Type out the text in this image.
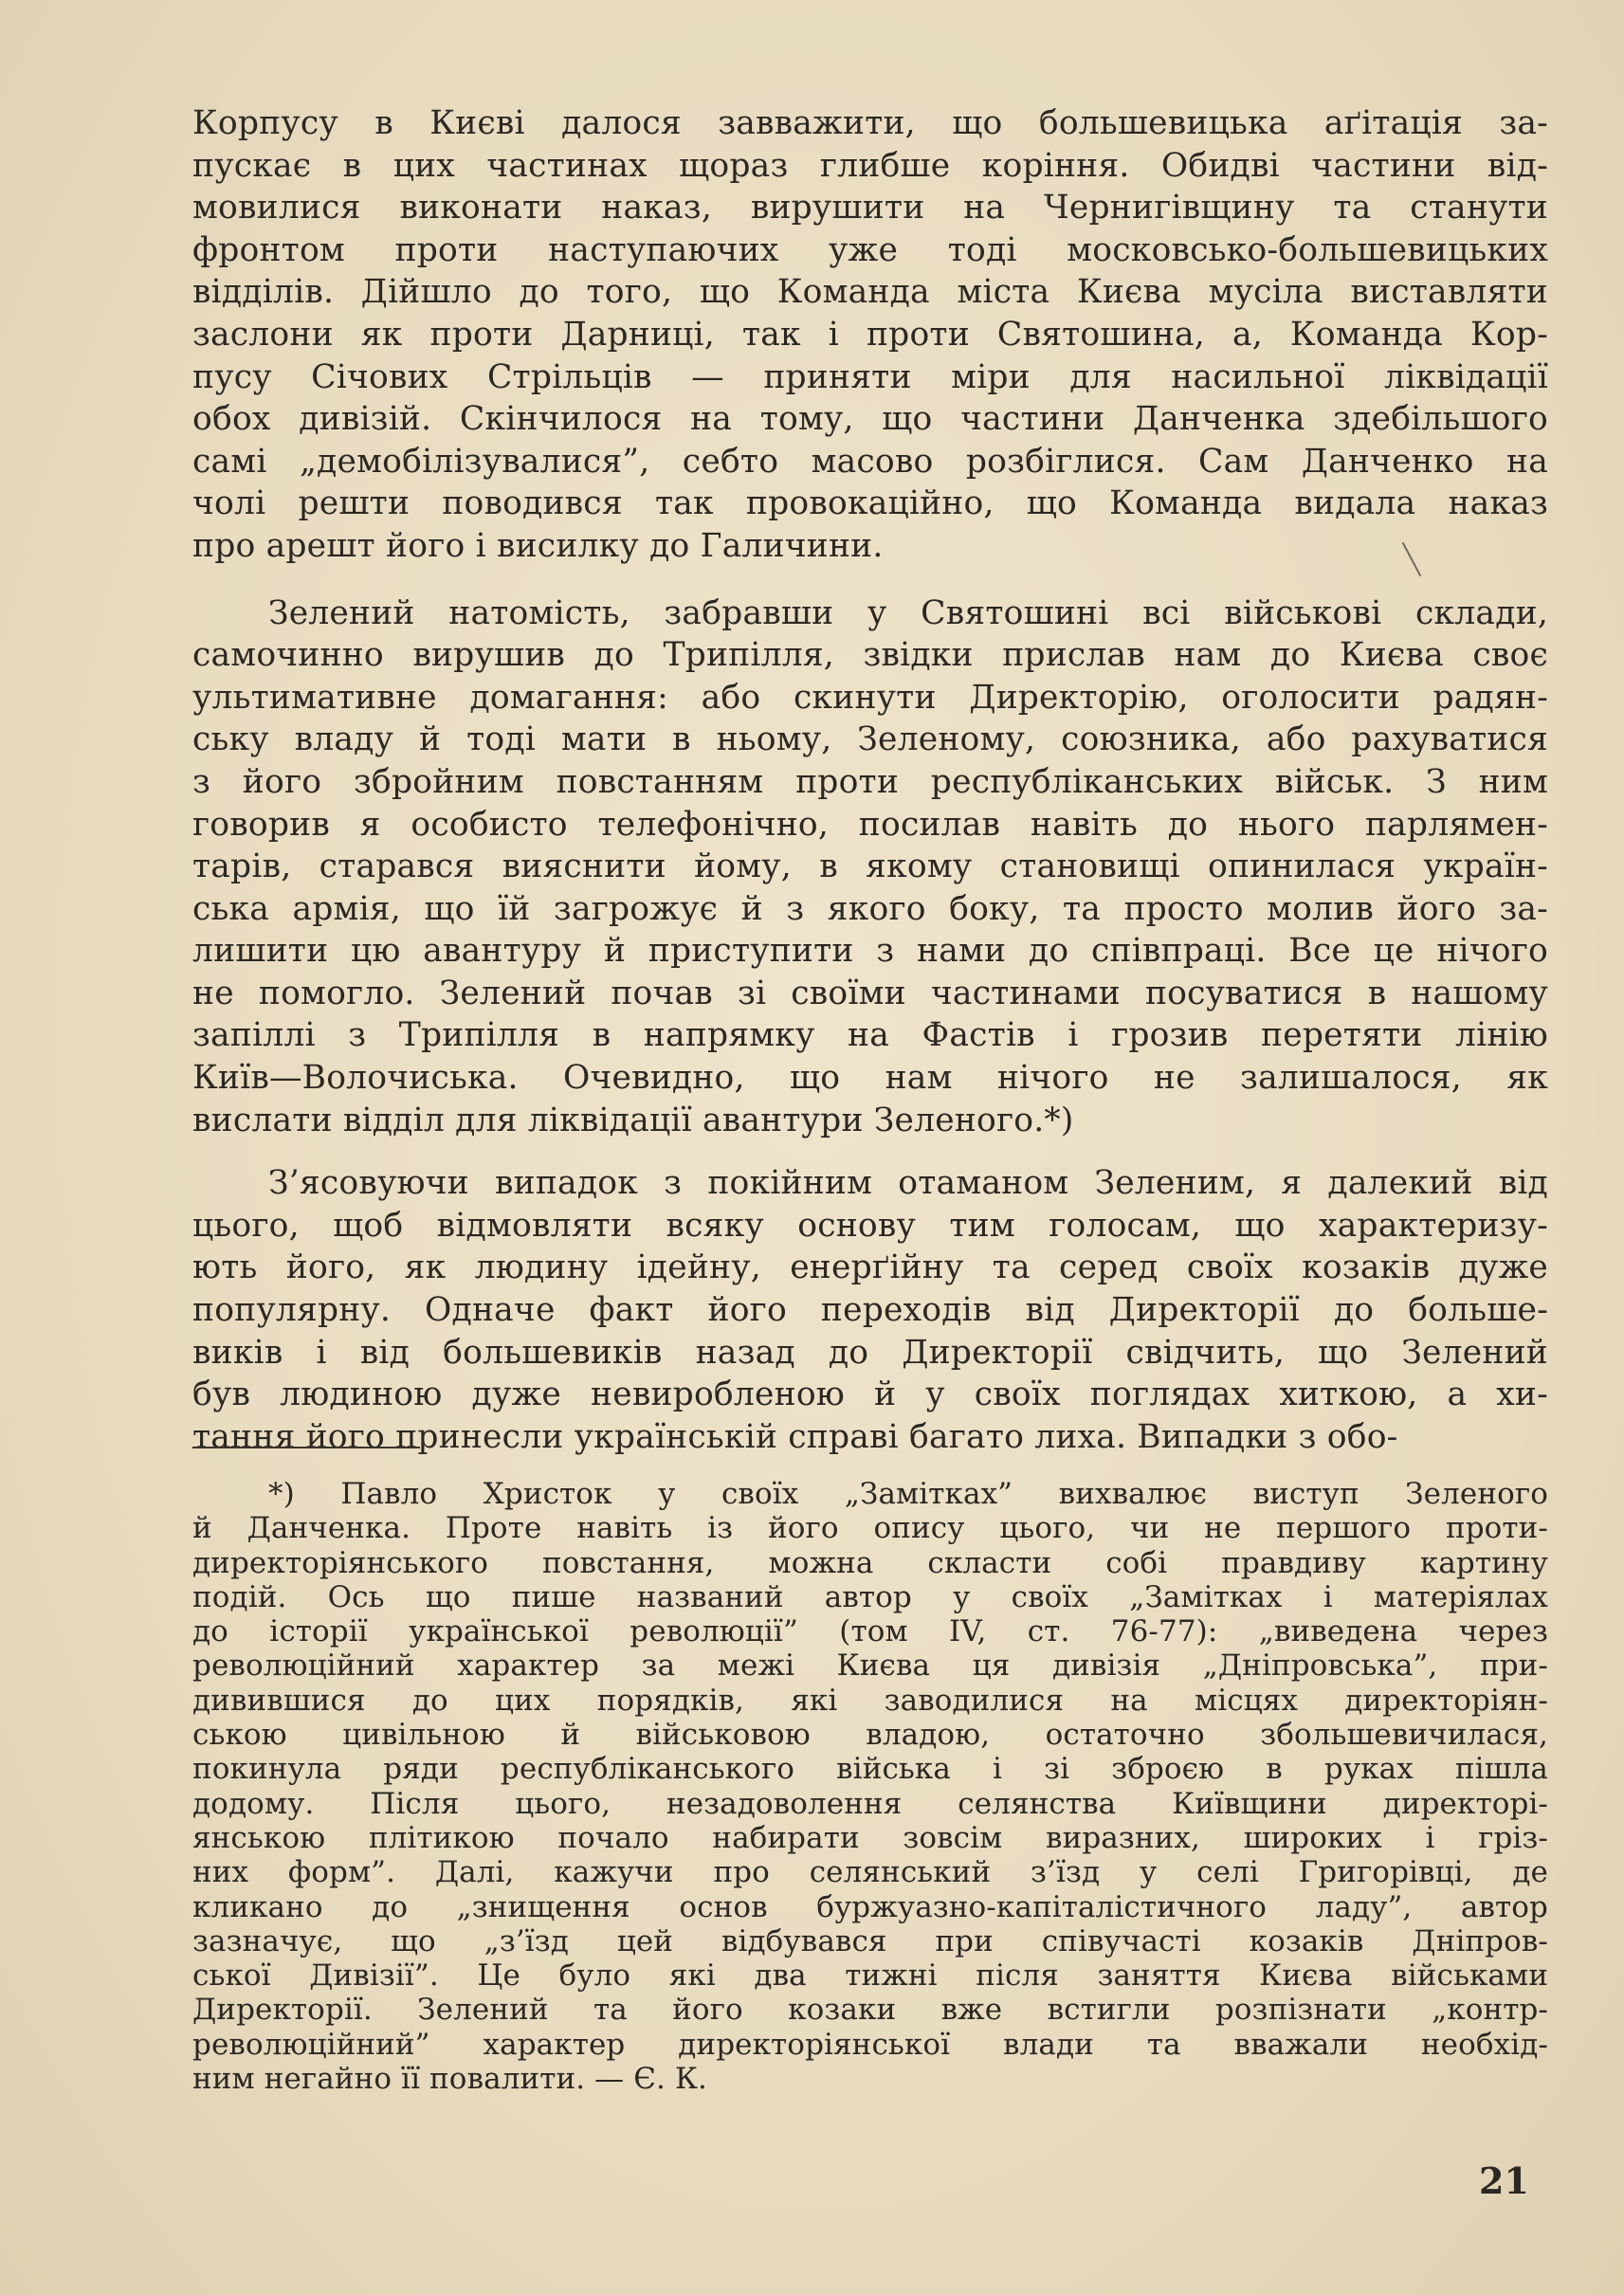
Корпусу в Києві далося завважити, що большевицька аґітація за-
пускає в цих частинах щораз глибше коріння. Обидві частини від-
мовилися виконати наказ, вирушити на Чернигівщину та станути
фронтом проти наступаючих уже тоді московсько-большевицьких
відділів. Дійшло до того, що Команда міста Києва мусіла виставляти
заслони як проти Дарниці, так і проти Святошина, а, Команда Кор-
пусу Січових Стрільців — приняти міри для насильної ліквідації
обох дивізій. Скінчилося на тому, що частини Данченка здебільшого
самі „демобілізувалися”, себто масово розбіглися. Сам Данченко на
чолі решти поводився так провокаційно, що Команда видала наказ
про арешт його і висилку до Галичини.

Зелений натомість, забравши у Святошині всі військові склади,
самочинно вирушив до Трипілля, звідки прислав нам до Києва своє
ультимативне домагання: або скинути Директорію, оголосити радян-
ську владу й тоді мати в ньому, Зеленому, союзника, або рахуватися
з його збройним повстанням проти республіканських військ. З ним
говорив я особисто телефонічно, посилав навіть до нього парлямен-
тарів, старався вияснити йому, в якому становищі опинилася україн-
ська армія, що їй загрожує й з якого боку, та просто молив його за-
лишити цю авантуру й приступити з нами до співпраці. Все це нічого
не помогло. Зелений почав зі своїми частинами посуватися в нашому
запіллі з Трипілля в напрямку на Фастів і грозив перетяти лінію
Київ—Волочиська. Очевидно, що нам нічого не залишалося, як
вислати відділ для ліквідації авантури Зеленого.*)

З’ясовуючи випадок з покійним отаманом Зеленим, я далекий від
цього, щоб відмовляти всяку основу тим голосам, що характеризу-
ють його, як людину ідейну, енерґійну та серед своїх козаків дуже
популярну. Одначе факт його переходів від Директорії до больше-
виків і від большевиків назад до Директорії свідчить, що Зелений
був людиною дуже невиробленою й у своїх поглядах хиткою, а хи-
тання його принесли українській справі багато лиха. Випадки з обо-

*) Павло Христок у своїх „Замітках” вихвалює виступ Зеленого
й Данченка. Проте навіть із його опису цього, чи не першого проти-
директоріянського повстання, можна скласти собі правдиву картину
подій. Ось що пише названий автор у своїх „Замітках і матеріялах
до історії української революції” (том IV, ст. 76-77): „виведена через
революційний характер за межі Києва ця дивізія „Дніпровська”, при-
дивившися до цих порядків, які заводилися на місцях директоріян-
ською цивільною й військовою владою, остаточно збольшевичилася,
покинула ряди республіканського війська і зі зброєю в руках пішла
додому. Після цього, незадоволення селянства Київщини директорі-
янською плітикою почало набирати зовсім виразних, широких і гріз-
них форм”. Далі, кажучи про селянський з’їзд у селі Григорівці, де
кликано до „знищення основ буржуазно-капіталістичного ладу”, автор
зазначує, що „з’їзд цей відбувався при співучасті козаків Дніпров-
ської Дивізії”. Це було які два тижні після заняття Києва військами
Директорії. Зелений та його козаки вже встигли розпізнати „контр-
революційний” характер директоріянської влади та вважали необхід-
ним негайно її повалити. — Є. К.

21
